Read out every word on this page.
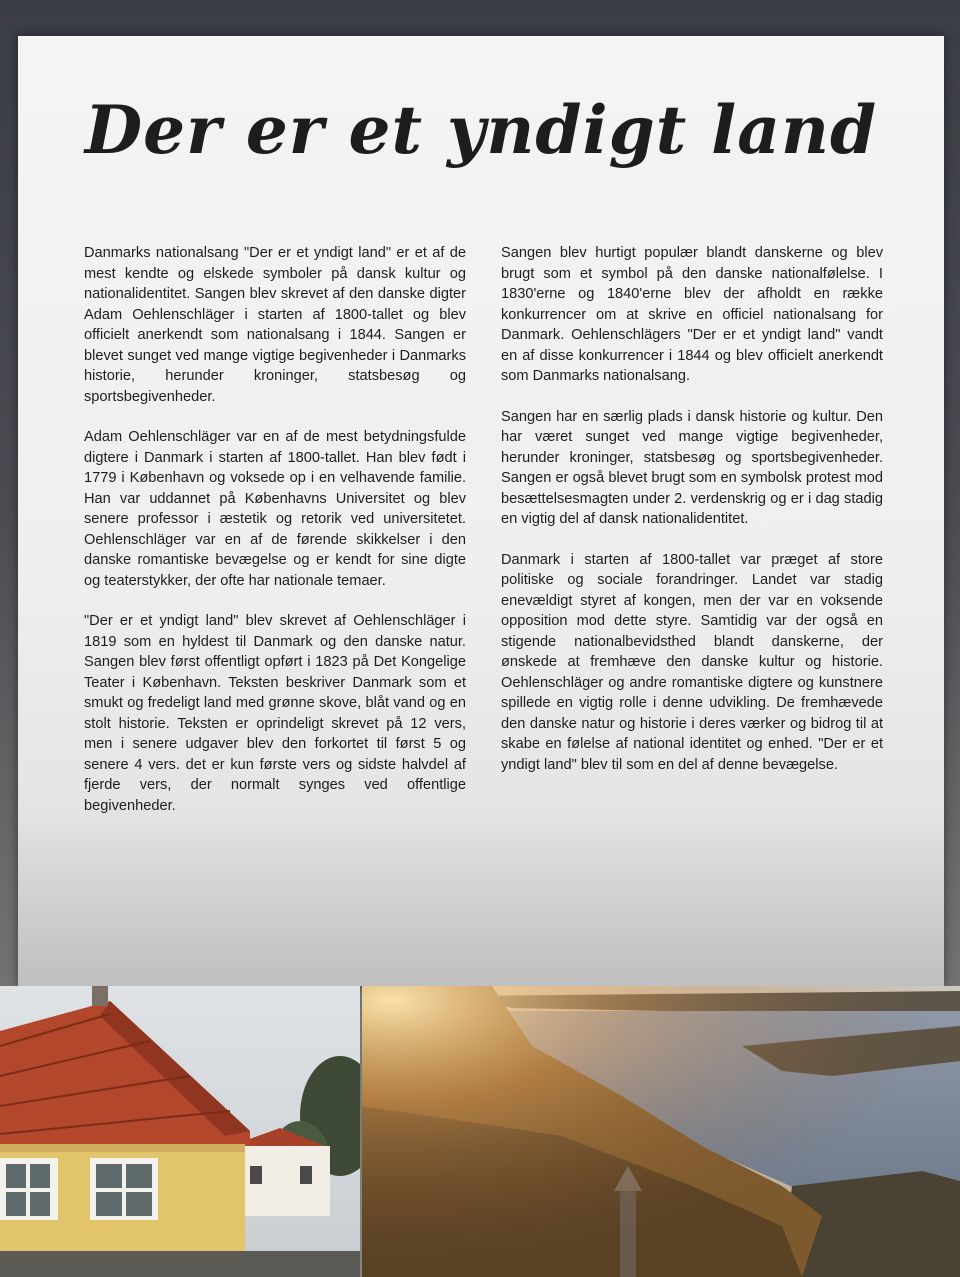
Der er et yndigt land

Danmarks nationalsang "Der er et yndigt land" er et af de mest kendte og elskede symboler på dansk kultur og nationalidentitet. Sangen blev skrevet af den danske digter Adam Oehlenschläger i starten af 1800-tallet og blev officielt anerkendt som nationalsang i 1844. Sangen er blevet sunget ved mange vigtige begivenheder i Danmarks historie, herunder kroninger, statsbesøg og sportsbegivenheder.

Adam Oehlenschläger var en af de mest betydningsfulde digtere i Danmark i starten af 1800-tallet. Han blev født i 1779 i København og voksede op i en velhavende familie. Han var uddannet på Københavns Universitet og blev senere professor i æstetik og retorik ved universitetet. Oehlenschläger var en af de førende skikkelser i den danske romantiske bevægelse og er kendt for sine digte og teaterstykker, der ofte har nationale temaer.

"Der er et yndigt land" blev skrevet af Oehlenschläger i 1819 som en hyldest til Danmark og den danske natur. Sangen blev først offentligt opført i 1823 på Det Kongelige Teater i København. Teksten beskriver Danmark som et smukt og fredeligt land med grønne skove, blåt vand og en stolt historie. Teksten er oprindeligt skrevet på 12 vers, men i senere udgaver blev den forkortet til først 5 og senere 4 vers. det er kun første vers og sidste halvdel af fjerde vers, der normalt synges ved offentlige begivenheder.

Sangen blev hurtigt populær blandt danskerne og blev brugt som et symbol på den danske nationalfølelse. I 1830'erne og 1840'erne blev der afholdt en række konkurrencer om at skrive en officiel nationalsang for Danmark. Oehlenschlägers "Der er et yndigt land" vandt en af disse konkurrencer i 1844 og blev officielt anerkendt som Danmarks nationalsang.

Sangen har en særlig plads i dansk historie og kultur. Den har været sunget ved mange vigtige begivenheder, herunder kroninger, statsbesøg og sportsbegivenheder. Sangen er også blevet brugt som en symbolsk protest mod besættelsesmagten under 2. verdenskrig og er i dag stadig en vigtig del af dansk nationalidentitet.

Danmark i starten af 1800-tallet var præget af store politiske og sociale forandringer. Landet var stadig enevældigt styret af kongen, men der var en voksende opposition mod dette styre. Samtidig var der også en stigende nationalbevidsthed blandt danskerne, der ønskede at fremhæve den danske kultur og historie. Oehlenschläger og andre romantiske digtere og kunstnere spillede en vigtig rolle i denne udvikling. De fremhævede den danske natur og historie i deres værker og bidrog til at skabe en følelse af national identitet og enhed. "Der er et yndigt land" blev til som en del af denne bevægelse.
